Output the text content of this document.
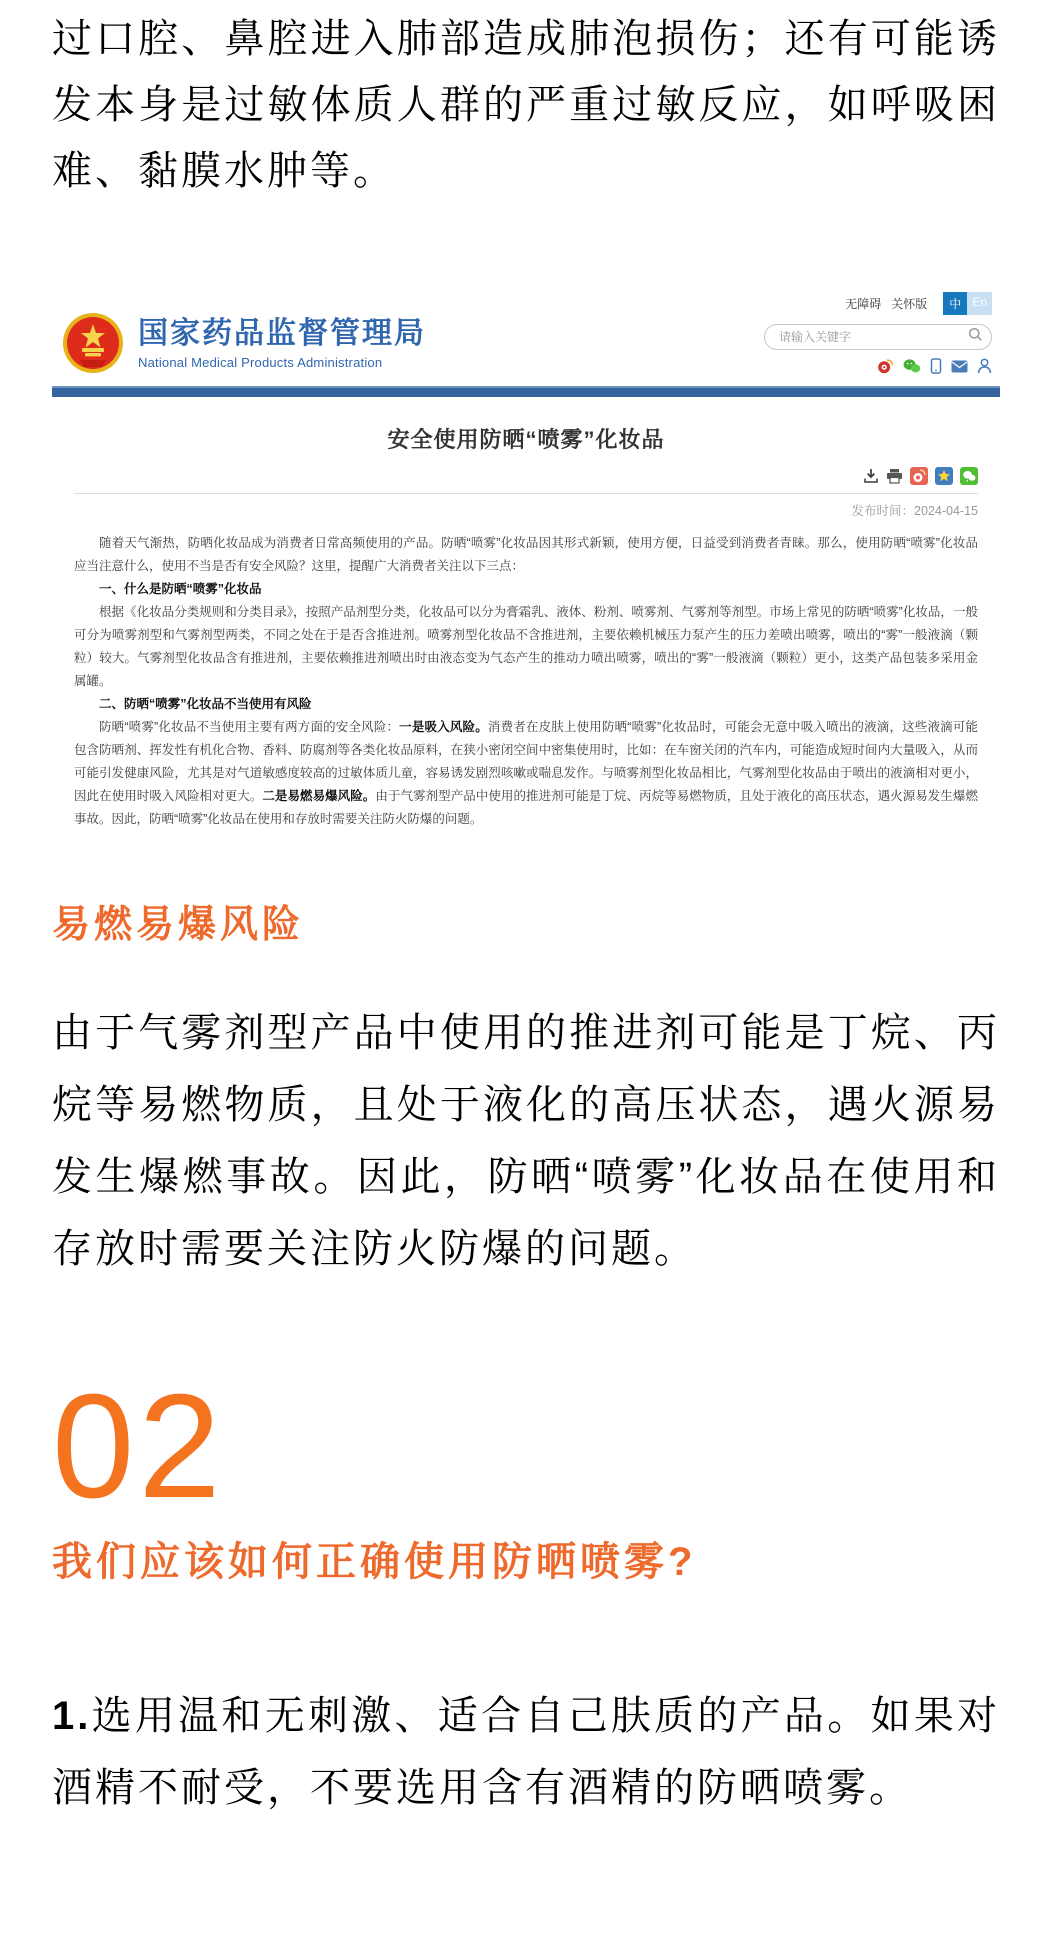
过口腔、鼻腔进入肺部造成肺泡损伤；还有可能诱发本身是过敏体质人群的严重过敏反应，如呼吸困难、黏膜水肿等。

国家药品监督管理局
National Medical Products Administration
无障碍 关怀版	中 En
请输入关键字
安全使用防晒“喷雾”化妆品
发布时间：2024-04-15

随着天气渐热，防晒化妆品成为消费者日常高频使用的产品。防晒“喷雾”化妆品因其形式新颖，使用方便，日益受到消费者青睐。那么，使用防晒“喷雾”化妆品应当注意什么，使用不当是否有安全风险？这里，提醒广大消费者关注以下三点：

一、什么是防晒“喷雾”化妆品

根据《化妆品分类规则和分类目录》，按照产品剂型分类，化妆品可以分为膏霜乳、液体、粉剂、喷雾剂、气雾剂等剂型。市场上常见的防晒“喷雾”化妆品，一般可分为喷雾剂型和气雾剂型两类，不同之处在于是否含推进剂。喷雾剂型化妆品不含推进剂，主要依赖机械压力泵产生的压力差喷出喷雾，喷出的“雾”一般液滴（颗粒）较大。气雾剂型化妆品含有推进剂，主要依赖推进剂喷出时由液态变为气态产生的推动力喷出喷雾，喷出的“雾”一般液滴（颗粒）更小，这类产品包装多采用金属罐。

二、防晒“喷雾”化妆品不当使用有风险

防晒“喷雾”化妆品不当使用主要有两方面的安全风险：一是吸入风险。消费者在皮肤上使用防晒“喷雾”化妆品时，可能会无意中吸入喷出的液滴，这些液滴可能包含防晒剂、挥发性有机化合物、香料、防腐剂等各类化妆品原料，在狭小密闭空间中密集使用时，比如：在车窗关闭的汽车内，可能造成短时间内大量吸入，从而可能引发健康风险，尤其是对气道敏感度较高的过敏体质儿童，容易诱发剧烈咳嗽或喘息发作。与喷雾剂型化妆品相比，气雾剂型化妆品由于喷出的液滴相对更小，因此在使用时吸入风险相对更大。二是易燃易爆风险。由于气雾剂型产品中使用的推进剂可能是丁烷、丙烷等易燃物质，且处于液化的高压状态，遇火源易发生爆燃事故。因此，防晒“喷雾”化妆品在使用和存放时需要关注防火防爆的问题。

易燃易爆风险

由于气雾剂型产品中使用的推进剂可能是丁烷、丙烷等易燃物质，且处于液化的高压状态，遇火源易发生爆燃事故。因此，防晒“喷雾”化妆品在使用和存放时需要关注防火防爆的问题。

02
我们应该如何正确使用防晒喷雾?

1.选用温和无刺激、适合自己肤质的产品。如果对酒精不耐受，不要选用含有酒精的防晒喷雾。
